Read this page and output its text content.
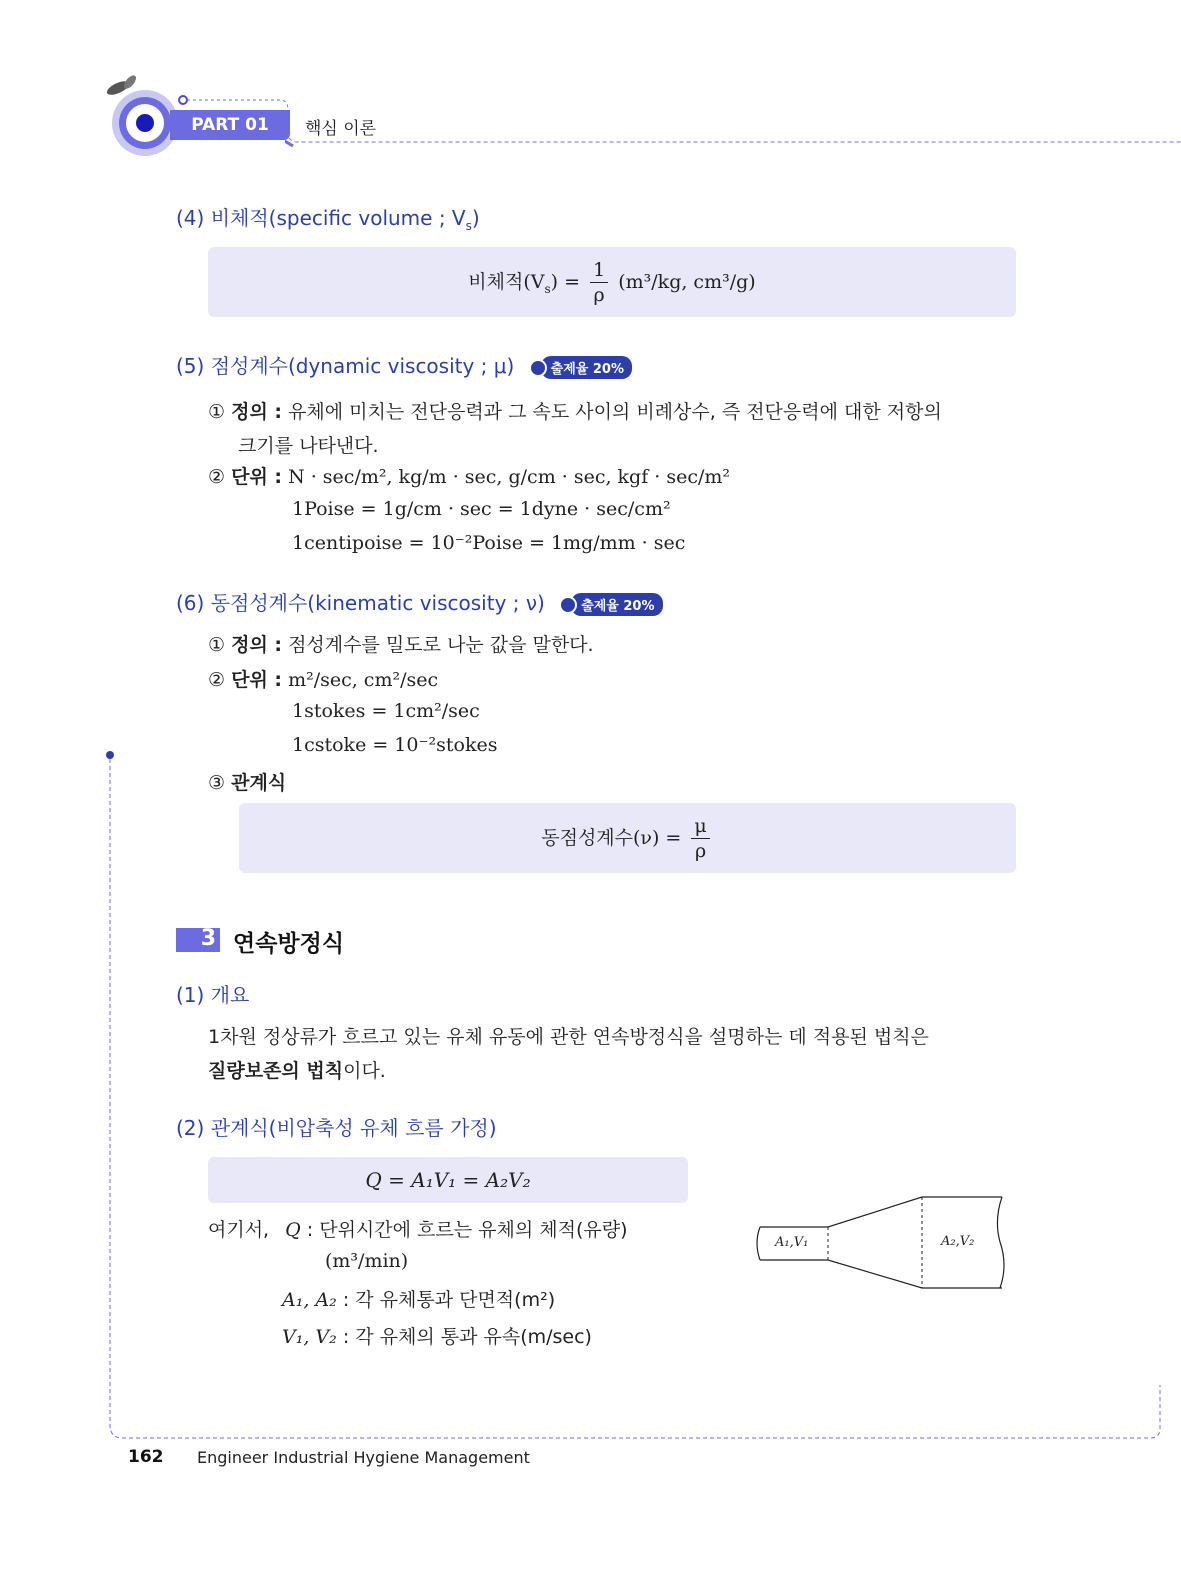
PART 01	핵심 이론
(4) 비체적(specific volume ; $V_s$)
비체적$(V_s) = \frac{1}{\rho} (m^3/kg$, cm³/g)
(5) 점성계수(dynamic viscosity ; μ)	출제율 20%
① 정의 : 유체에 미치는 전단응력과 그 속도 사이의 비례상수, 즉 전단응력에 대한 저항의
크기를 나타낸다.
② 단위 : N · sec/m², kg/m · sec, g/cm · sec, kgf · sec/m²
1Poise = 1g/cm · sec = 1dyne · sec/cm²
1centipoise = 10⁻²Poise = 1mg/mm · sec
(6) 동점성계수(kinematic viscosity ; ν)	출제율 20%
① 정의 : 점성계수를 밀도로 나눈 값을 말한다.
② 단위 : m²/sec, cm²/sec
1stokes = 1cm²/sec
1cstoke = 10⁻²stokes
③ 관계식
동점성계수$(\nu) = \frac{\mu}{\rho}$
3 연속방정식
(1) 개요
1차원 정상류가 흐르고 있는 유체 유동에 관한 연속방정식을 설명하는 데 적용된 법칙은
질량보존의 법칙이다.
(2) 관계식(비압축성 유체 흐름 가정)
Q = A₁V₁ = A₂V₂
여기서, Q : 단위시간에 흐르는 유체의 체적(유량)
(m³/min)
A₁, A₂ : 각 유체통과 단면적(m²)
V₁, V₂ : 각 유체의 통과 유속(m/sec)
A₁,V₁	A₂,V₂
162 Engineer Industrial Hygiene Management
